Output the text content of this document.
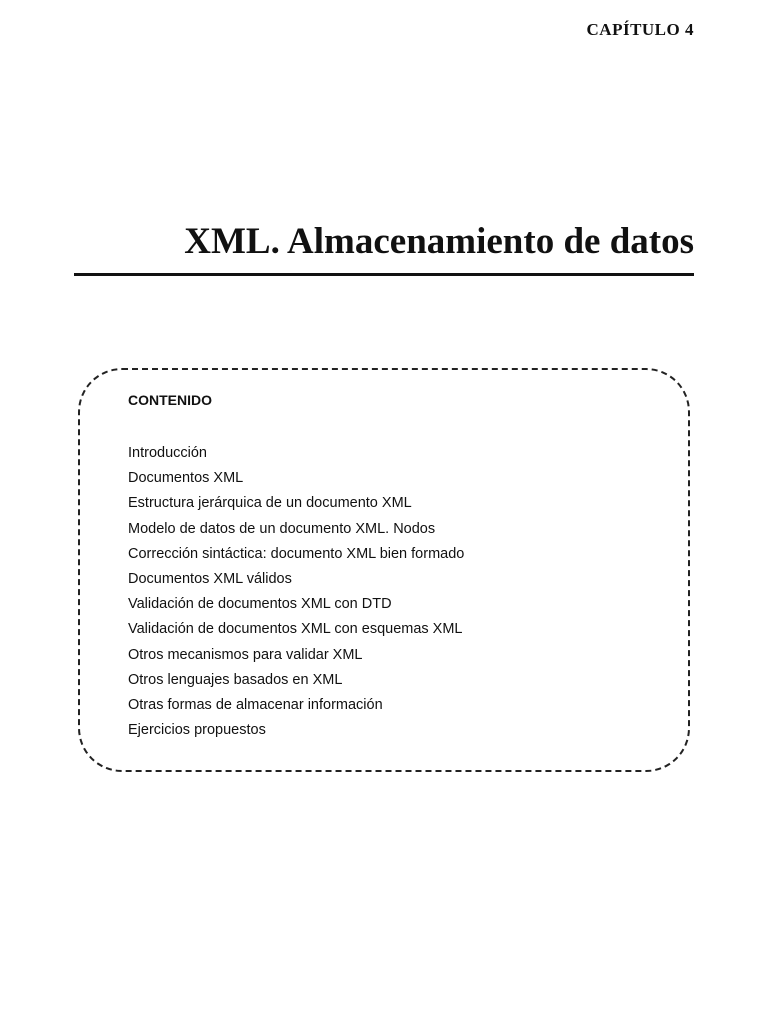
CAPÍTULO 4
XML. Almacenamiento de datos
CONTENIDO
Introducción
Documentos XML
Estructura jerárquica de un documento XML
Modelo de datos de un documento XML. Nodos
Corrección sintáctica: documento XML bien formado
Documentos XML válidos
Validación de documentos XML con DTD
Validación de documentos XML con esquemas XML
Otros mecanismos para validar XML
Otros lenguajes basados en XML
Otras formas de almacenar información
Ejercicios propuestos
